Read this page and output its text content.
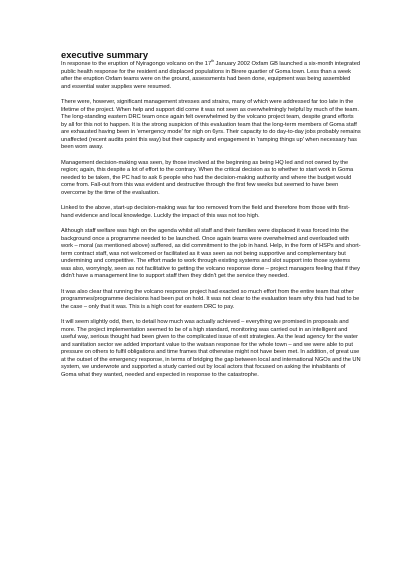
executive summary

In response to the eruption of Nyiragongo volcano on the 17th January 2002 Oxfam GB launched a six-month integrated public health response for the resident and displaced populations in Birere quartier of Goma town. Less than a week after the eruption Oxfam teams were on the ground, assessments had been done, equipment was being assembled and essential water supplies were resumed.

There were, however, significant management stresses and strains, many of which were addressed far too late in the lifetime of the project. When help and support did come it was not seen as overwhelmingly helpful by much of the team. The long-standing eastern DRC team once again felt overwhelmed by the volcano project team, despite grand efforts by all for this not to happen. It is the strong suspicion of this evaluation team that the long-term members of Goma staff are exhausted having been in 'emergency mode' for nigh on 6yrs. Their capacity to do day-to-day jobs probably remains unaffected (recent audits point this way) but their capacity and engagement in 'ramping things up' when necessary has been worn away.

Management decision-making was seen, by those involved at the beginning as being HQ led and not owned by the region; again, this despite a lot of effort to the contrary. When the critical decision as to whether to start work in Goma needed to be taken, the PC had to ask 6 people who had the decision-making authority and where the budget would come from. Fall-out from this was evident and destructive through the first few weeks but seemed to have been overcome by the time of the evaluation.

Linked to the above, start-up decision-making was far too removed from the field and therefore from those with first-hand evidence and local knowledge. Luckily the impact of this was not too high.

Although staff welfare was high on the agenda whilst all staff and their families were displaced it was forced into the background once a programme needed to be launched. Once again teams were overwhelmed and overloaded with work – moral (as mentioned above) suffered, as did commitment to the job in hand. Help, in the form of HSPs and short-term contract staff, was not welcomed or facilitated as it was seen as not being supportive and complementary but undermining and competitive. The effort made to work through existing systems and slot support into those systems was also, worryingly, seen as not facilitative to getting the volcano response done – project managers feeling that if they didn't have a management line to support staff then they didn't get the service they needed.

It was also clear that running the volcano response project had exacted so much effort from the entire team that other programmes/programme decisions had been put on hold. It was not clear to the evaluation team why this had had to be the case – only that it was. This is a high cost for eastern DRC to pay.

It will seem slightly odd, then, to detail how much was actually achieved – everything we promised in proposals and more. The project implementation seemed to be of a high standard, monitoring was carried out in an intelligent and useful way, serious thought had been given to the complicated issue of exit strategies. As the lead agency for the water and sanitation sector we added important value to the watsan response for the whole town – and we were able to put pressure on others to fulfil obligations and time frames that otherwise might not have been met. In addition, of great use at the outset of the emergency response, in terms of bridging the gap between local and international NGOs and the UN system, we underwrote and supported a study carried out by local actors that focused on asking the inhabitants of Goma what they wanted, needed and expected in response to the catastrophe.
